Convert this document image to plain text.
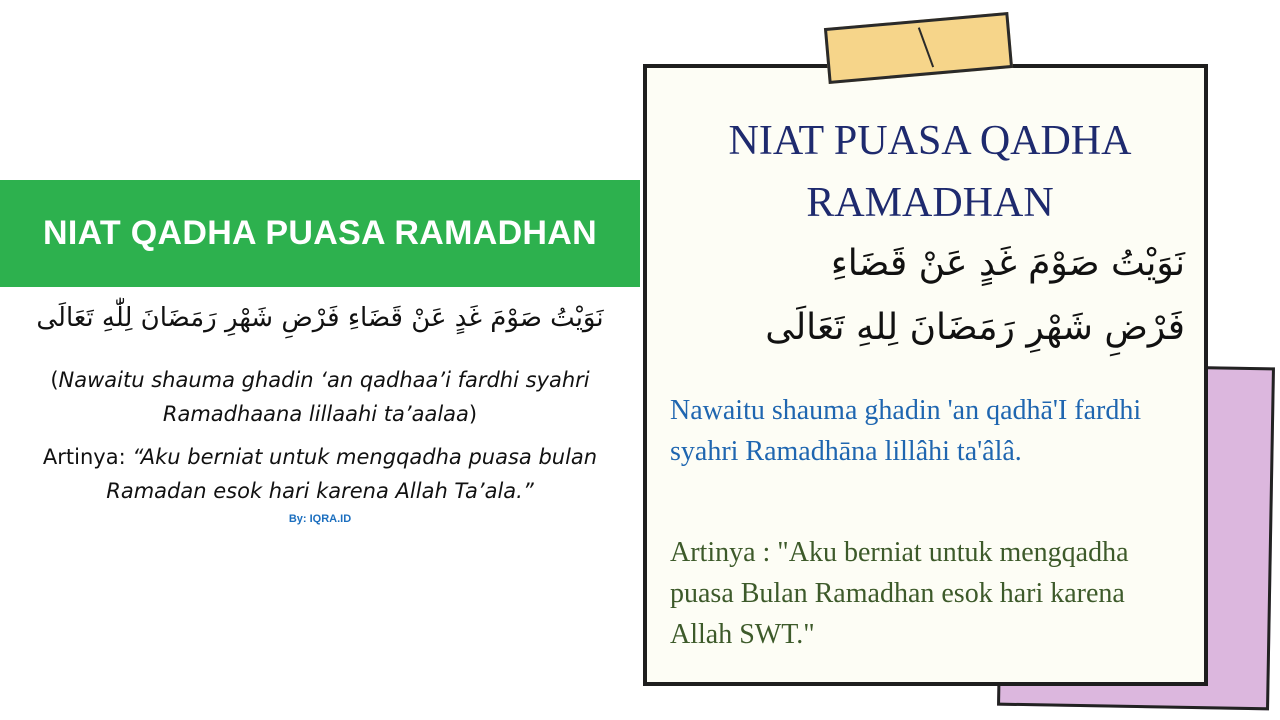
NIAT QADHA PUASA RAMADHAN
نَوَيْتُ صَوْمَ غَدٍ عَنْ قَضَاءِ فَرْضِ شَهْرِ رَمَضَانَ لِلّٰهِ تَعَالَى
(Nawaitu shauma ghadin ‘an qadhaa’i fardhi syahri Ramadhaana lillaahi ta’aalaa)
Artinya: “Aku berniat untuk mengqadha puasa bulan Ramadan esok hari karena Allah Ta’ala.”
By: IQRA.ID
NIAT PUASA QADHA RAMADHAN
نَوَيْتُ صَوْمَ غَدٍ عَنْ قَضَاءِ
فَرْضِ شَهْرِ رَمَضَانَ لِلهِ تَعَالَى
Nawaitu shauma ghadin 'an qadhā'I fardhi syahri Ramadhāna lillâhi ta'âlâ.
Artinya : "Aku berniat untuk mengqadha puasa Bulan Ramadhan esok hari karena Allah SWT."
